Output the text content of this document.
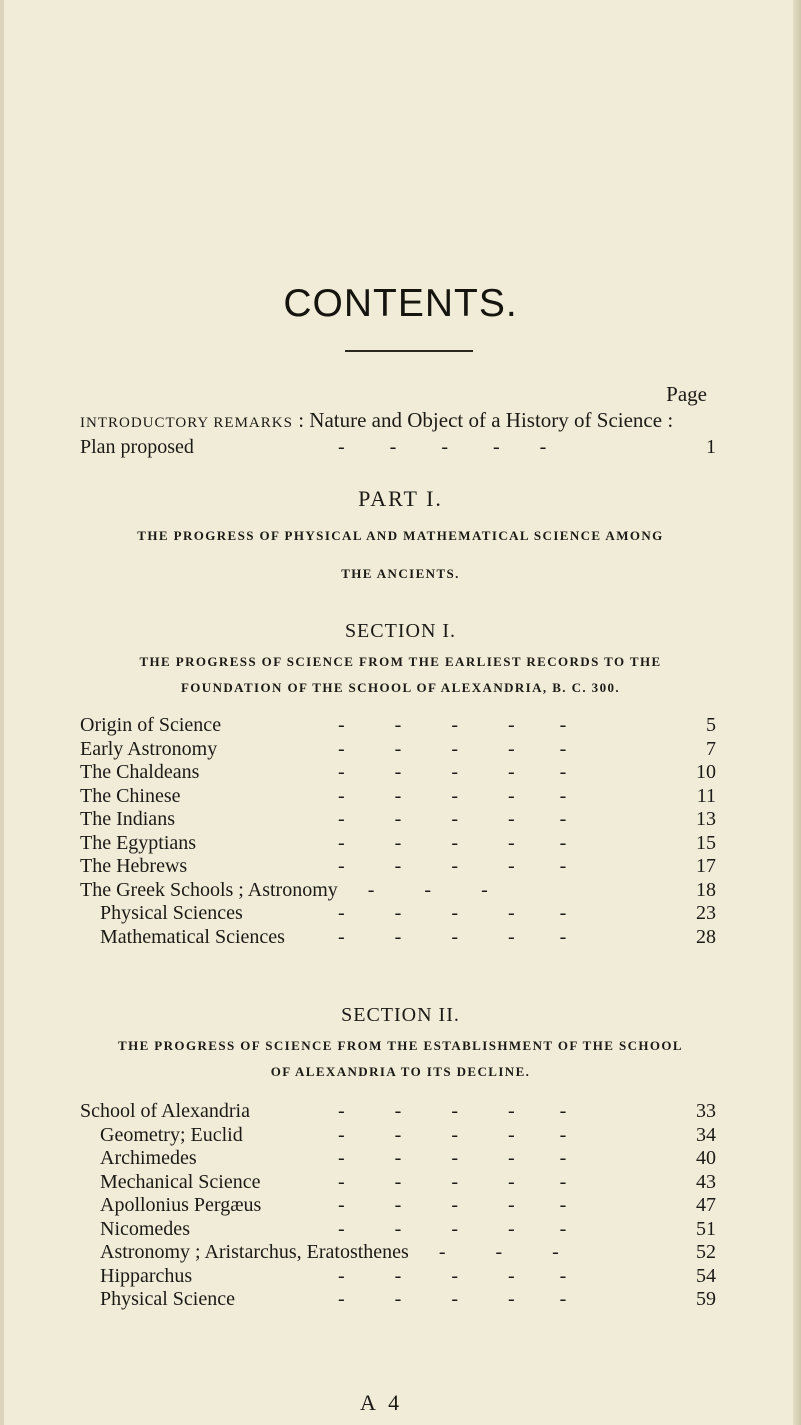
CONTENTS.
Page
INTRODUCTORY REMARKS : Nature and Object of a History of Science :
Plan proposed	-         -         -         -        -	1
PART I.
THE PROGRESS OF PHYSICAL AND MATHEMATICAL SCIENCE AMONG
THE ANCIENTS.
SECTION I.
THE PROGRESS OF SCIENCE FROM THE EARLIEST RECORDS TO THE
FOUNDATION OF THE SCHOOL OF ALEXANDRIA, B. C. 300.
Origin of Science	-          -          -          -         -	5
Early Astronomy	-          -          -          -         -	7
The Chaldeans	-          -          -          -         -	10
The Chinese	-          -          -          -         -	11
The Indians	-          -          -          -         -	13
The Egyptians	-          -          -          -         -	15
The Hebrews	-          -          -          -         -	17
The Greek Schools ; Astronomy -          -          -	18
Physical Sciences	-          -          -          -         -	23
Mathematical Sciences	-          -          -          -         -	28
SECTION II.
THE PROGRESS OF SCIENCE FROM THE ESTABLISHMENT OF THE SCHOOL
OF ALEXANDRIA TO ITS DECLINE.
School of Alexandria	-          -          -          -         -	33
Geometry; Euclid	-          -          -          -         -	34
Archimedes	-          -          -          -         -	40
Mechanical Science	-          -          -          -         -	43
Apollonius Pergæus	-          -          -          -         -	47
Nicomedes	-          -          -          -         -	51
Astronomy ; Aristarchus, Eratosthenes -          -          -	52
Hipparchus	-          -          -          -         -	54
Physical Science	-          -          -          -         -	59
A 4
